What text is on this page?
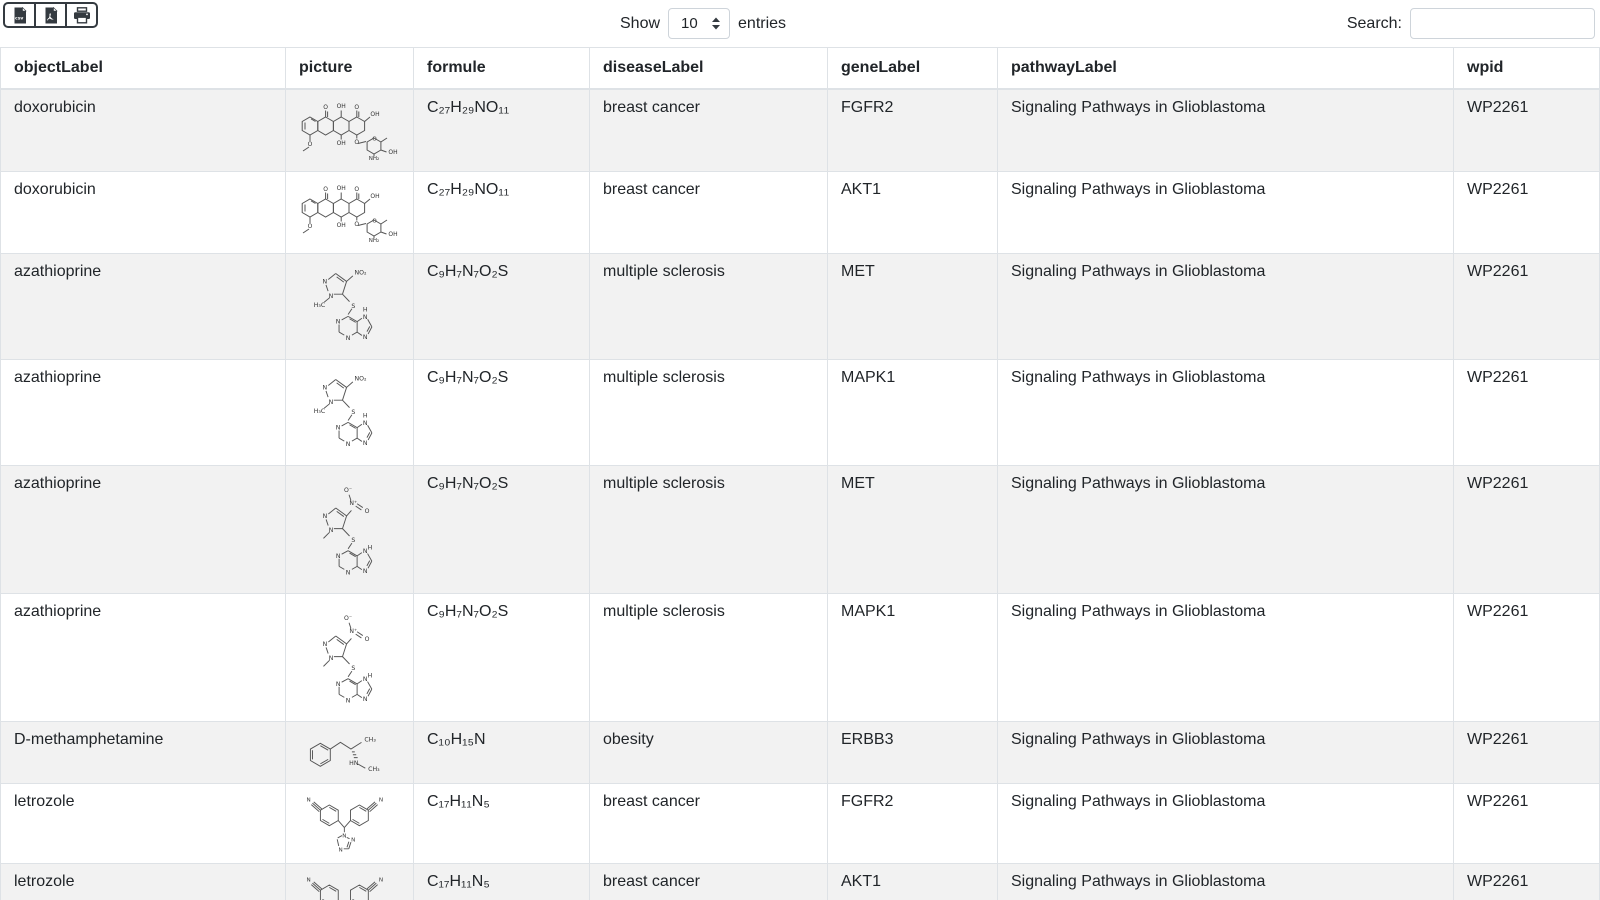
csv	Show 10	entries	Search:
objectLabel	picture	formule	diseaseLabel	geneLabel	pathwayLabel	wpid
doxorubicin		C₂₇H₂₉NO₁₁	breast cancer	FGFR2	Signaling Pathways in Glioblastoma	WP2261
doxorubicin		C₂₇H₂₉NO₁₁	breast cancer	AKT1	Signaling Pathways in Glioblastoma	WP2261
azathioprine		C₉H₇N₇O₂S	multiple sclerosis	MET	Signaling Pathways in Glioblastoma	WP2261
azathioprine		C₉H₇N₇O₂S	multiple sclerosis	MAPK1	Signaling Pathways in Glioblastoma	WP2261
azathioprine		C₉H₇N₇O₂S	multiple sclerosis	MET	Signaling Pathways in Glioblastoma	WP2261
azathioprine		C₉H₇N₇O₂S	multiple sclerosis	MAPK1	Signaling Pathways in Glioblastoma	WP2261
D-methamphetamine		C₁₀H₁₅N	obesity	ERBB3	Signaling Pathways in Glioblastoma	WP2261
letrozole		C₁₇H₁₁N₅	breast cancer	FGFR2	Signaling Pathways in Glioblastoma	WP2261
letrozole		C₁₇H₁₁N₅	breast cancer	AKT1	Signaling Pathways in Glioblastoma	WP2261
